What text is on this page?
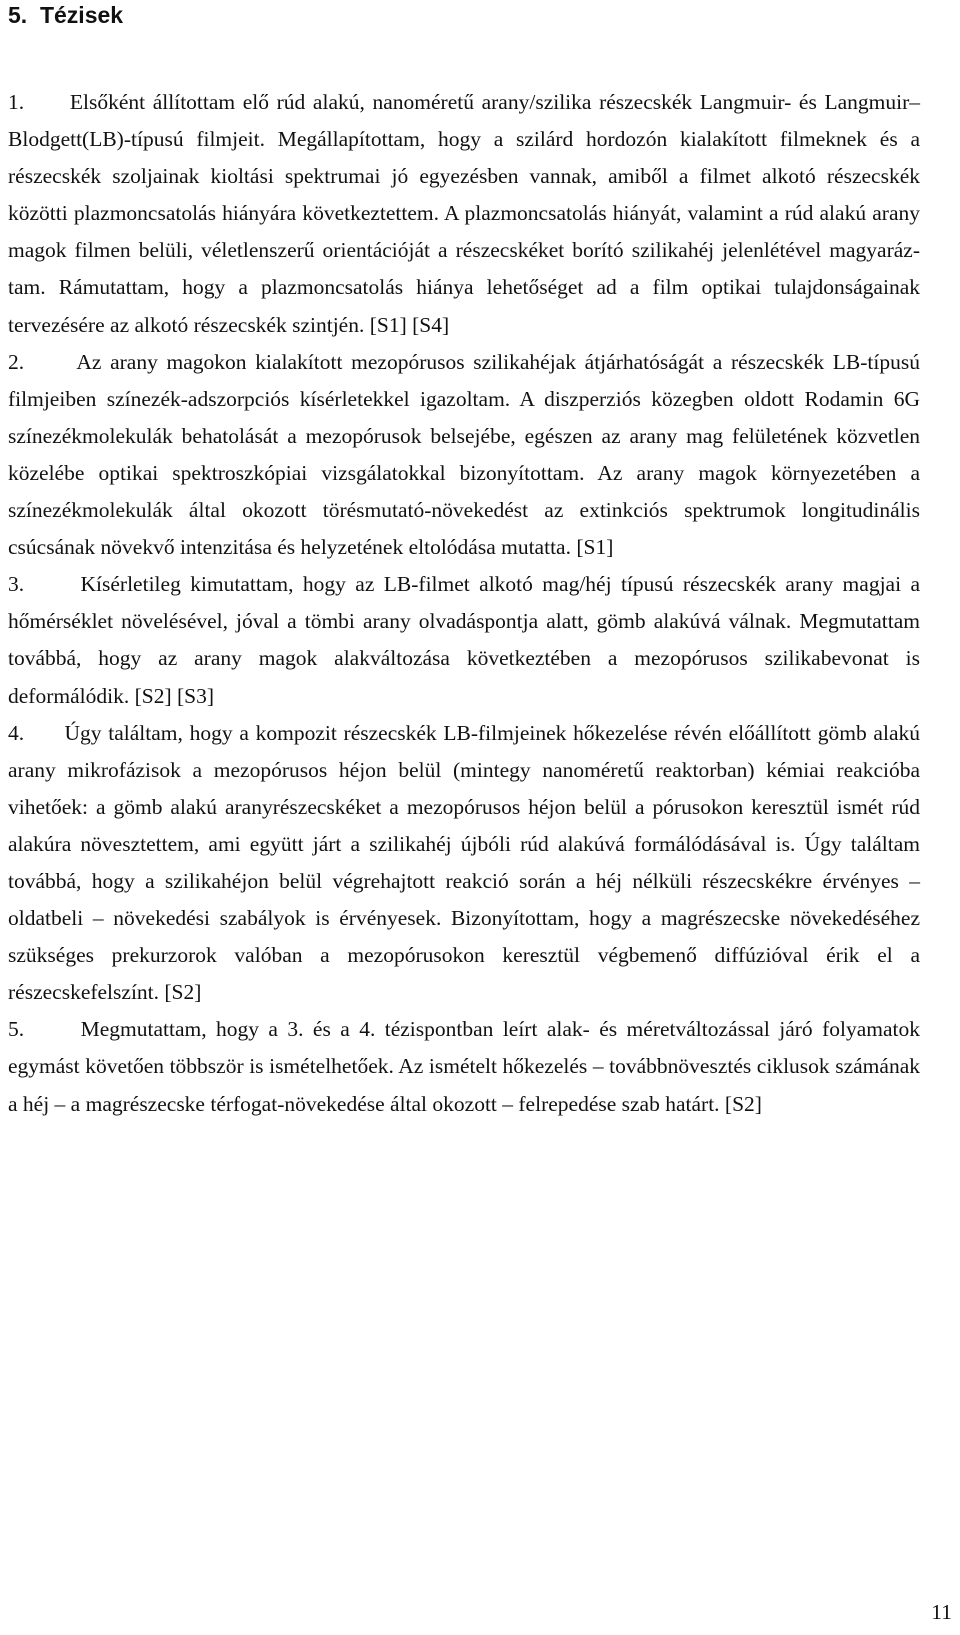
5. Tézisek

1. Elsőként állítottam elő rúd alakú, nanoméretű arany/szilika részecskék Langmuir- és Langmuir–Blodgett(LB)-típusú filmjeit. Megállapítottam, hogy a szilárd hordozón kialakított filmeknek és a részecskék szoljainak kioltási spektrumai jó egyezésben vannak, amiből a filmet alkotó részecskék közötti plazmoncsatolás hiányára következtettem. A plazmoncsatolás hiányát, valamint a rúd alakú arany magok filmen belüli, véletlenszerű orientációját a részecskéket borító szilikahéj jelenlétével magyaráztam. Rámutattam, hogy a plazmoncsatolás hiánya lehetőséget ad a film optikai tulajdonságainak tervezésére az alkotó részecskék szintjén. [S1] [S4]

2. Az arany magokon kialakított mezopórusos szilikahéjak átjárhatóságát a részecskék LB-típusú filmjeiben színezék-adszorpciós kísérletekkel igazoltam. A diszperziós közegben oldott Rodamin 6G színezékmolekulák behatolását a mezopórusok belsejébe, egészen az arany mag felületének közvetlen közelébe optikai spektroszkópiai vizsgálatokkal bizonyítottam. Az arany magok környezetében a színezékmolekulák által okozott törésmutató-növekedést az extinkciós spektrumok longitudinális csúcsának növekvő intenzitása és helyzetének eltolódása mutatta. [S1]

3.	Kísérletileg kimutattam, hogy az LB-filmet alkotó mag/héj típusú részecskék arany magjai a hőmérséklet növelésével, jóval a tömbi arany olvadáspontja alatt, gömb alakúvá válnak. Megmutattam továbbá, hogy az arany magok alakváltozása következtében a mezopórusos szilikabevonat is deformálódik. [S2] [S3]

4. Úgy találtam, hogy a kompozit részecskék LB-filmjeinek hőkezelése révén előállított gömb alakú arany mikrofázisok a mezopórusos héjon belül (mintegy nanoméretű reaktorban) kémiai reakcióba vihetőek: a gömb alakú aranyrészecskéket a mezopórusos héjon belül a pórusokon keresztül ismét rúd alakúra növesztettem, ami együtt járt a szilikahéj újbóli rúd alakúvá formálódásával is. Úgy találtam továbbá, hogy a szilikahéjon belül végrehajtott reakció során a héj nélküli részecskékre érvényes – oldatbeli – növekedési szabályok is érvényesek. Bizonyítottam, hogy a magrészecske növekedéséhez szükséges prekurzorok valóban a mezopórusokon keresztül végbemenő diffúzióval érik el a részecskefelszínt. [S2]

5.	Megmutattam, hogy a 3. és a 4. tézispontban leírt alak- és méretváltozással járó folyamatok egymást követően többször is ismételhetőek. Az ismételt hőkezelés – továbbnövesztés ciklusok számának a héj – a magrészecske térfogat-növekedése által okozott – felrepedése szab határt. [S2]

11
